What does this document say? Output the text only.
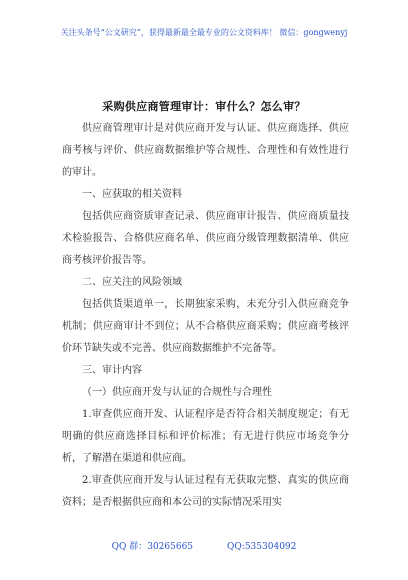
关注头条号“公文研究”，获得最新最全最专业的公文资料库！ 微信：gongwenyj
采购供应商管理审计：审什么？怎么审？

供应商管理审计是对供应商开发与认证、供应商选择、供应商考核与评价、供应商数据维护等合规性、合理性和有效性进行的审计。

一、应获取的相关资料

包括供应商资质审查记录、供应商审计报告、供应商质量技术检验报告、合格供应商名单、供应商分级管理数据清单、供应商考核评价报告等。

二、应关注的风险领域

包括供货渠道单一，长期独家采购，未充分引入供应商竞争机制；供应商审计不到位；从不合格供应商采购；供应商考核评价环节缺失或不完善、供应商数据维护不完备等。

三、审计内容

（一）供应商开发与认证的合规性与合理性

1.审查供应商开发、认证程序是否符合相关制度规定；有无明确的供应商选择目标和评价标准；有无进行供应市场竞争分析，了解潜在渠道和供应商。

2.审查供应商开发与认证过程有无获取完整、真实的供应商资料；是否根据供应商和本公司的实际情况采用实

QQ 群：30265665	QQ:535304092
